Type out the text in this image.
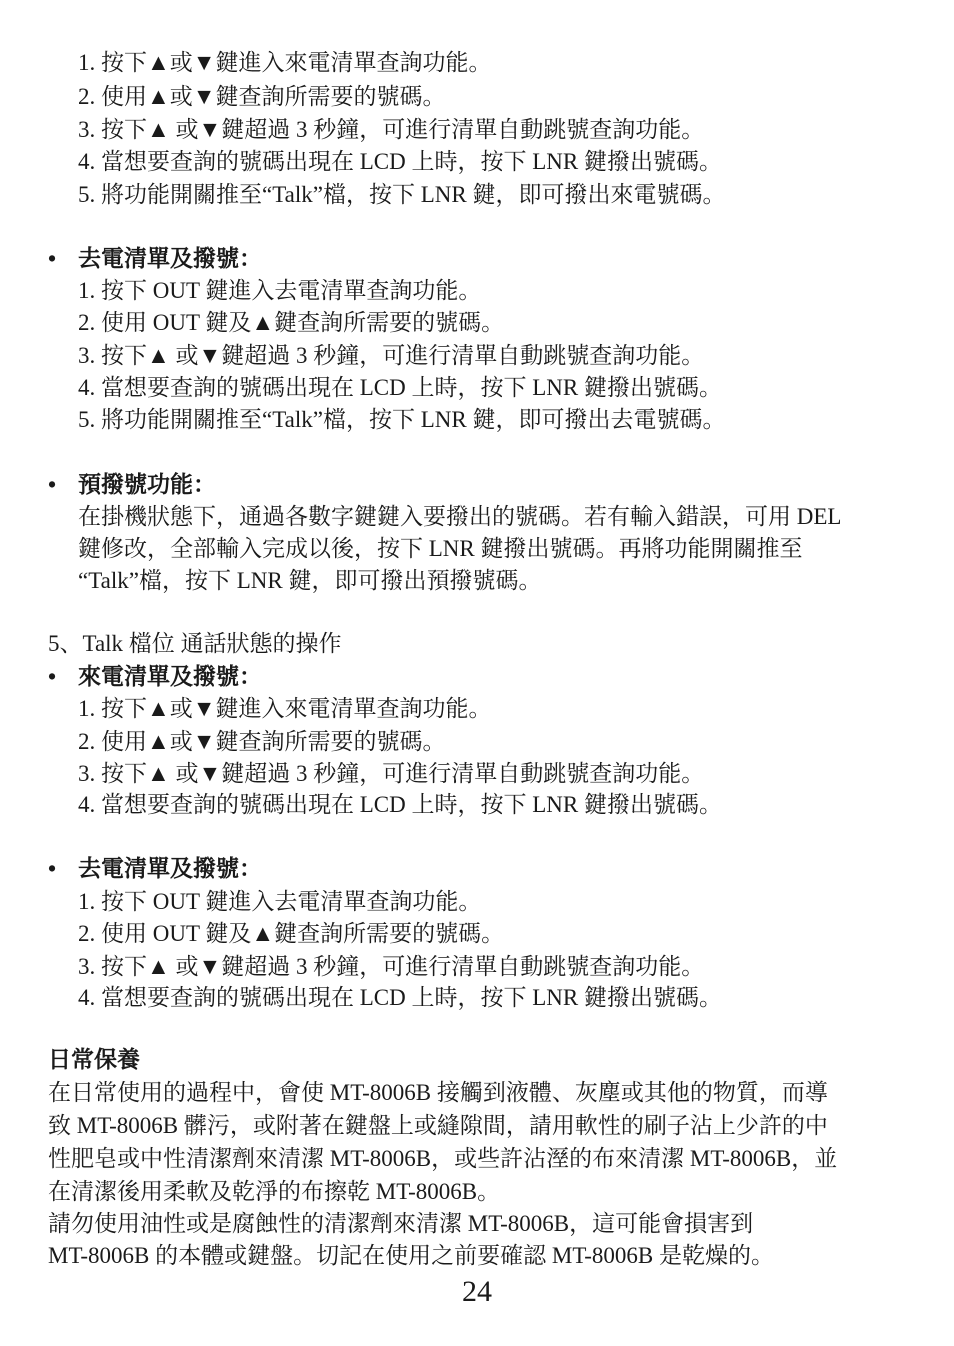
1. 按下▲或▼鍵進入來電清單查詢功能。
2. 使用▲或▼鍵查詢所需要的號碼。
3. 按下▲ 或▼鍵超過 3 秒鐘，可進行清單自動跳號查詢功能。
4. 當想要查詢的號碼出現在 LCD 上時，按下 LNR 鍵撥出號碼。
5. 將功能開關推至“Talk”檔，按下 LNR 鍵，即可撥出來電號碼。
• 去電清單及撥號：
1. 按下 OUT 鍵進入去電清單查詢功能。
2. 使用 OUT 鍵及▲鍵查詢所需要的號碼。
3. 按下▲ 或▼鍵超過 3 秒鐘，可進行清單自動跳號查詢功能。
4. 當想要查詢的號碼出現在 LCD 上時，按下 LNR 鍵撥出號碼。
5. 將功能開關推至“Talk”檔，按下 LNR 鍵，即可撥出去電號碼。
• 預撥號功能：
在掛機狀態下，通過各數字鍵鍵入要撥出的號碼。若有輸入錯誤，可用 DEL
鍵修改，全部輸入完成以後，按下 LNR 鍵撥出號碼。再將功能開關推至
“Talk”檔，按下 LNR 鍵，即可撥出預撥號碼。
5、Talk 檔位 通話狀態的操作
• 來電清單及撥號：
1. 按下▲或▼鍵進入來電清單查詢功能。
2. 使用▲或▼鍵查詢所需要的號碼。
3. 按下▲ 或▼鍵超過 3 秒鐘，可進行清單自動跳號查詢功能。
4. 當想要查詢的號碼出現在 LCD 上時，按下 LNR 鍵撥出號碼。
• 去電清單及撥號：
1. 按下 OUT 鍵進入去電清單查詢功能。
2. 使用 OUT 鍵及▲鍵查詢所需要的號碼。
3. 按下▲ 或▼鍵超過 3 秒鐘，可進行清單自動跳號查詢功能。
4. 當想要查詢的號碼出現在 LCD 上時，按下 LNR 鍵撥出號碼。
日常保養
在日常使用的過程中，會使 MT-8006B 接觸到液體、灰塵或其他的物質，而導
致 MT-8006B 髒污，或附著在鍵盤上或縫隙間，請用軟性的刷子沾上少許的中
性肥皂或中性清潔劑來清潔 MT-8006B，或些許沾溼的布來清潔 MT-8006B，並
在清潔後用柔軟及乾淨的布擦乾 MT-8006B。
請勿使用油性或是腐蝕性的清潔劑來清潔 MT-8006B，這可能會損害到
MT-8006B 的本體或鍵盤。切記在使用之前要確認 MT-8006B 是乾燥的。
24
